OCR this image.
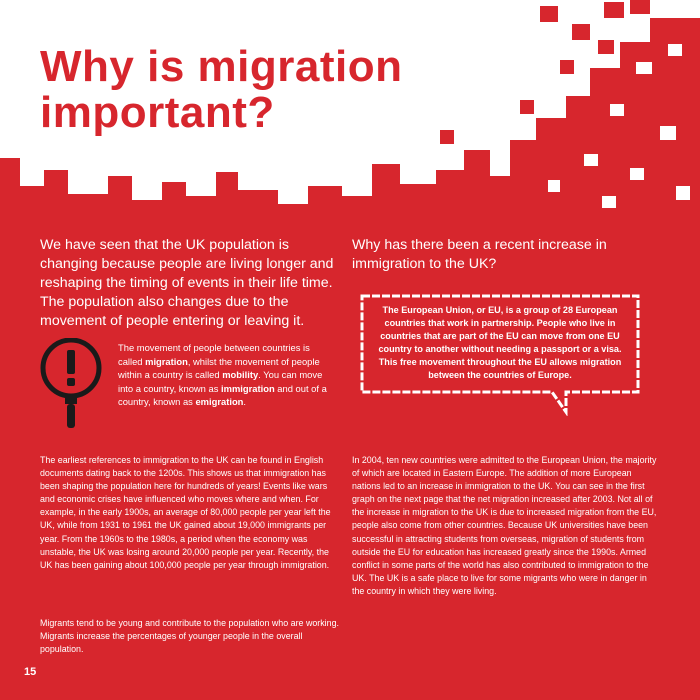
Why is migration
important?

We have seen that the UK population is changing because people are living longer and reshaping the timing of events in their life time. The population also changes due to the movement of people entering or leaving it.

Why has there been a recent increase in immigration to the UK?

The European Union, or EU, is a group of 28 European countries that work in partnership. People who live in countries that are part of the EU can move from one EU country to another without needing a passport or a visa. This free movement throughout the EU allows migration between the countries of Europe.

The movement of people between countries is called migration, whilst the movement of people within a country is called mobility. You can move into a country, known as immigration and out of a country, known as emigration.

The earliest references to immigration to the UK can be found in English documents dating back to the 1200s. This shows us that immigration has been shaping the population here for hundreds of years! Events like wars and economic crises have influenced who moves where and when. For example, in the early 1900s, an average of 80,000 people per year left the UK, while from 1931 to 1961 the UK gained about 19,000 immigrants per year. From the 1960s to the 1980s, a period when the economy was unstable, the UK was losing around 20,000 people per year. Recently, the UK has been gaining about 100,000 people per year through immigration.

Migrants tend to be young and contribute to the population who are working. Migrants increase the percentages of younger people in the overall population.

In 2004, ten new countries were admitted to the European Union, the majority of which are located in Eastern Europe. The addition of more European nations led to an increase in immigration to the UK. You can see in the first graph on the next page that the net migration increased after 2003. Not all of the increase in migration to the UK is due to increased migration from the EU, people also come from other countries. Because UK universities have been successful in attracting students from overseas, migration of students from outside the EU for education has increased greatly since the 1990s. Armed conflict in some parts of the world has also contributed to immigration to the UK. The UK is a safe place to live for some migrants who were in danger in the country in which they were living.

15
